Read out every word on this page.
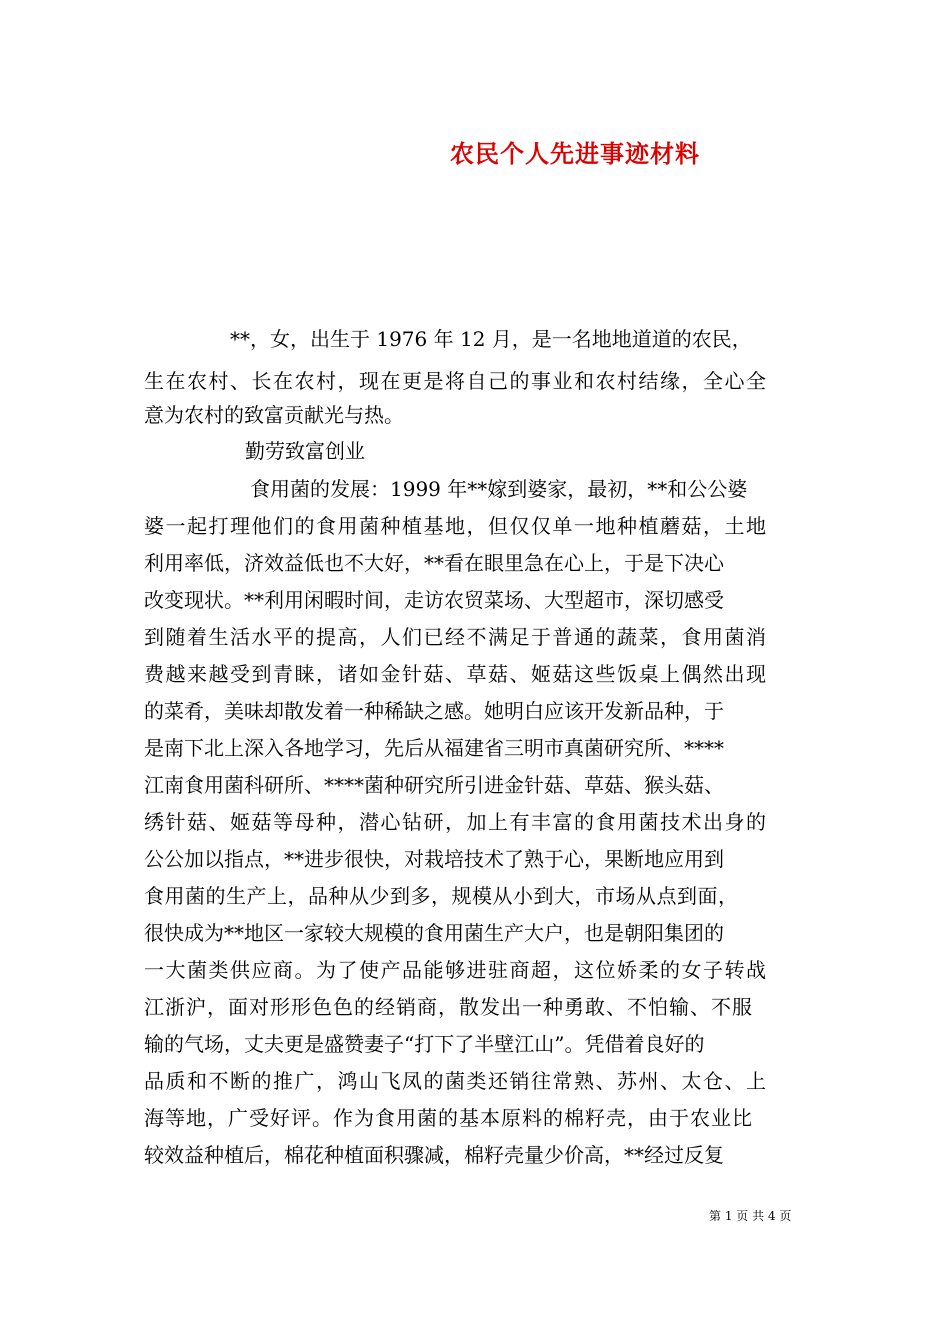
农民个人先进事迹材料
**，女，出生于 1976 年 12 月，是一名地地道道的农民，
生在农村、长在农村，现在更是将自己的事业和农村结缘，全心全
意为农村的致富贡献光与热。
勤劳致富创业
食用菌的发展：1999 年**嫁到婆家，最初，**和公公婆
婆一起打理他们的食用菌种植基地，但仅仅单一地种植蘑菇，土地
利用率低，济效益低也不大好，**看在眼里急在心上，于是下决心
改变现状。**利用闲暇时间，走访农贸菜场、大型超市，深切感受
到随着生活水平的提高，人们已经不满足于普通的蔬菜，食用菌消
费越来越受到青睐，诸如金针菇、草菇、姬菇这些饭桌上偶然出现
的菜肴，美味却散发着一种稀缺之感。她明白应该开发新品种，于
是南下北上深入各地学习，先后从福建省三明市真菌研究所、****
江南食用菌科研所、****菌种研究所引进金针菇、草菇、猴头菇、
绣针菇、姬菇等母种，潜心钻研，加上有丰富的食用菌技术出身的
公公加以指点，**进步很快，对栽培技术了熟于心，果断地应用到
食用菌的生产上，品种从少到多，规模从小到大，市场从点到面，
很快成为**地区一家较大规模的食用菌生产大户，也是朝阳集团的
一大菌类供应商。为了使产品能够进驻商超，这位娇柔的女子转战
江浙沪，面对形形色色的经销商，散发出一种勇敢、不怕输、不服
输的气场，丈夫更是盛赞妻子“打下了半壁江山”。凭借着良好的
品质和不断的推广，鸿山飞凤的菌类还销往常熟、苏州、太仓、上
海等地，广受好评。作为食用菌的基本原料的棉籽壳，由于农业比
较效益种植后，棉花种植面积骤减，棉籽壳量少价高，**经过反复
第 1 页 共 4 页
